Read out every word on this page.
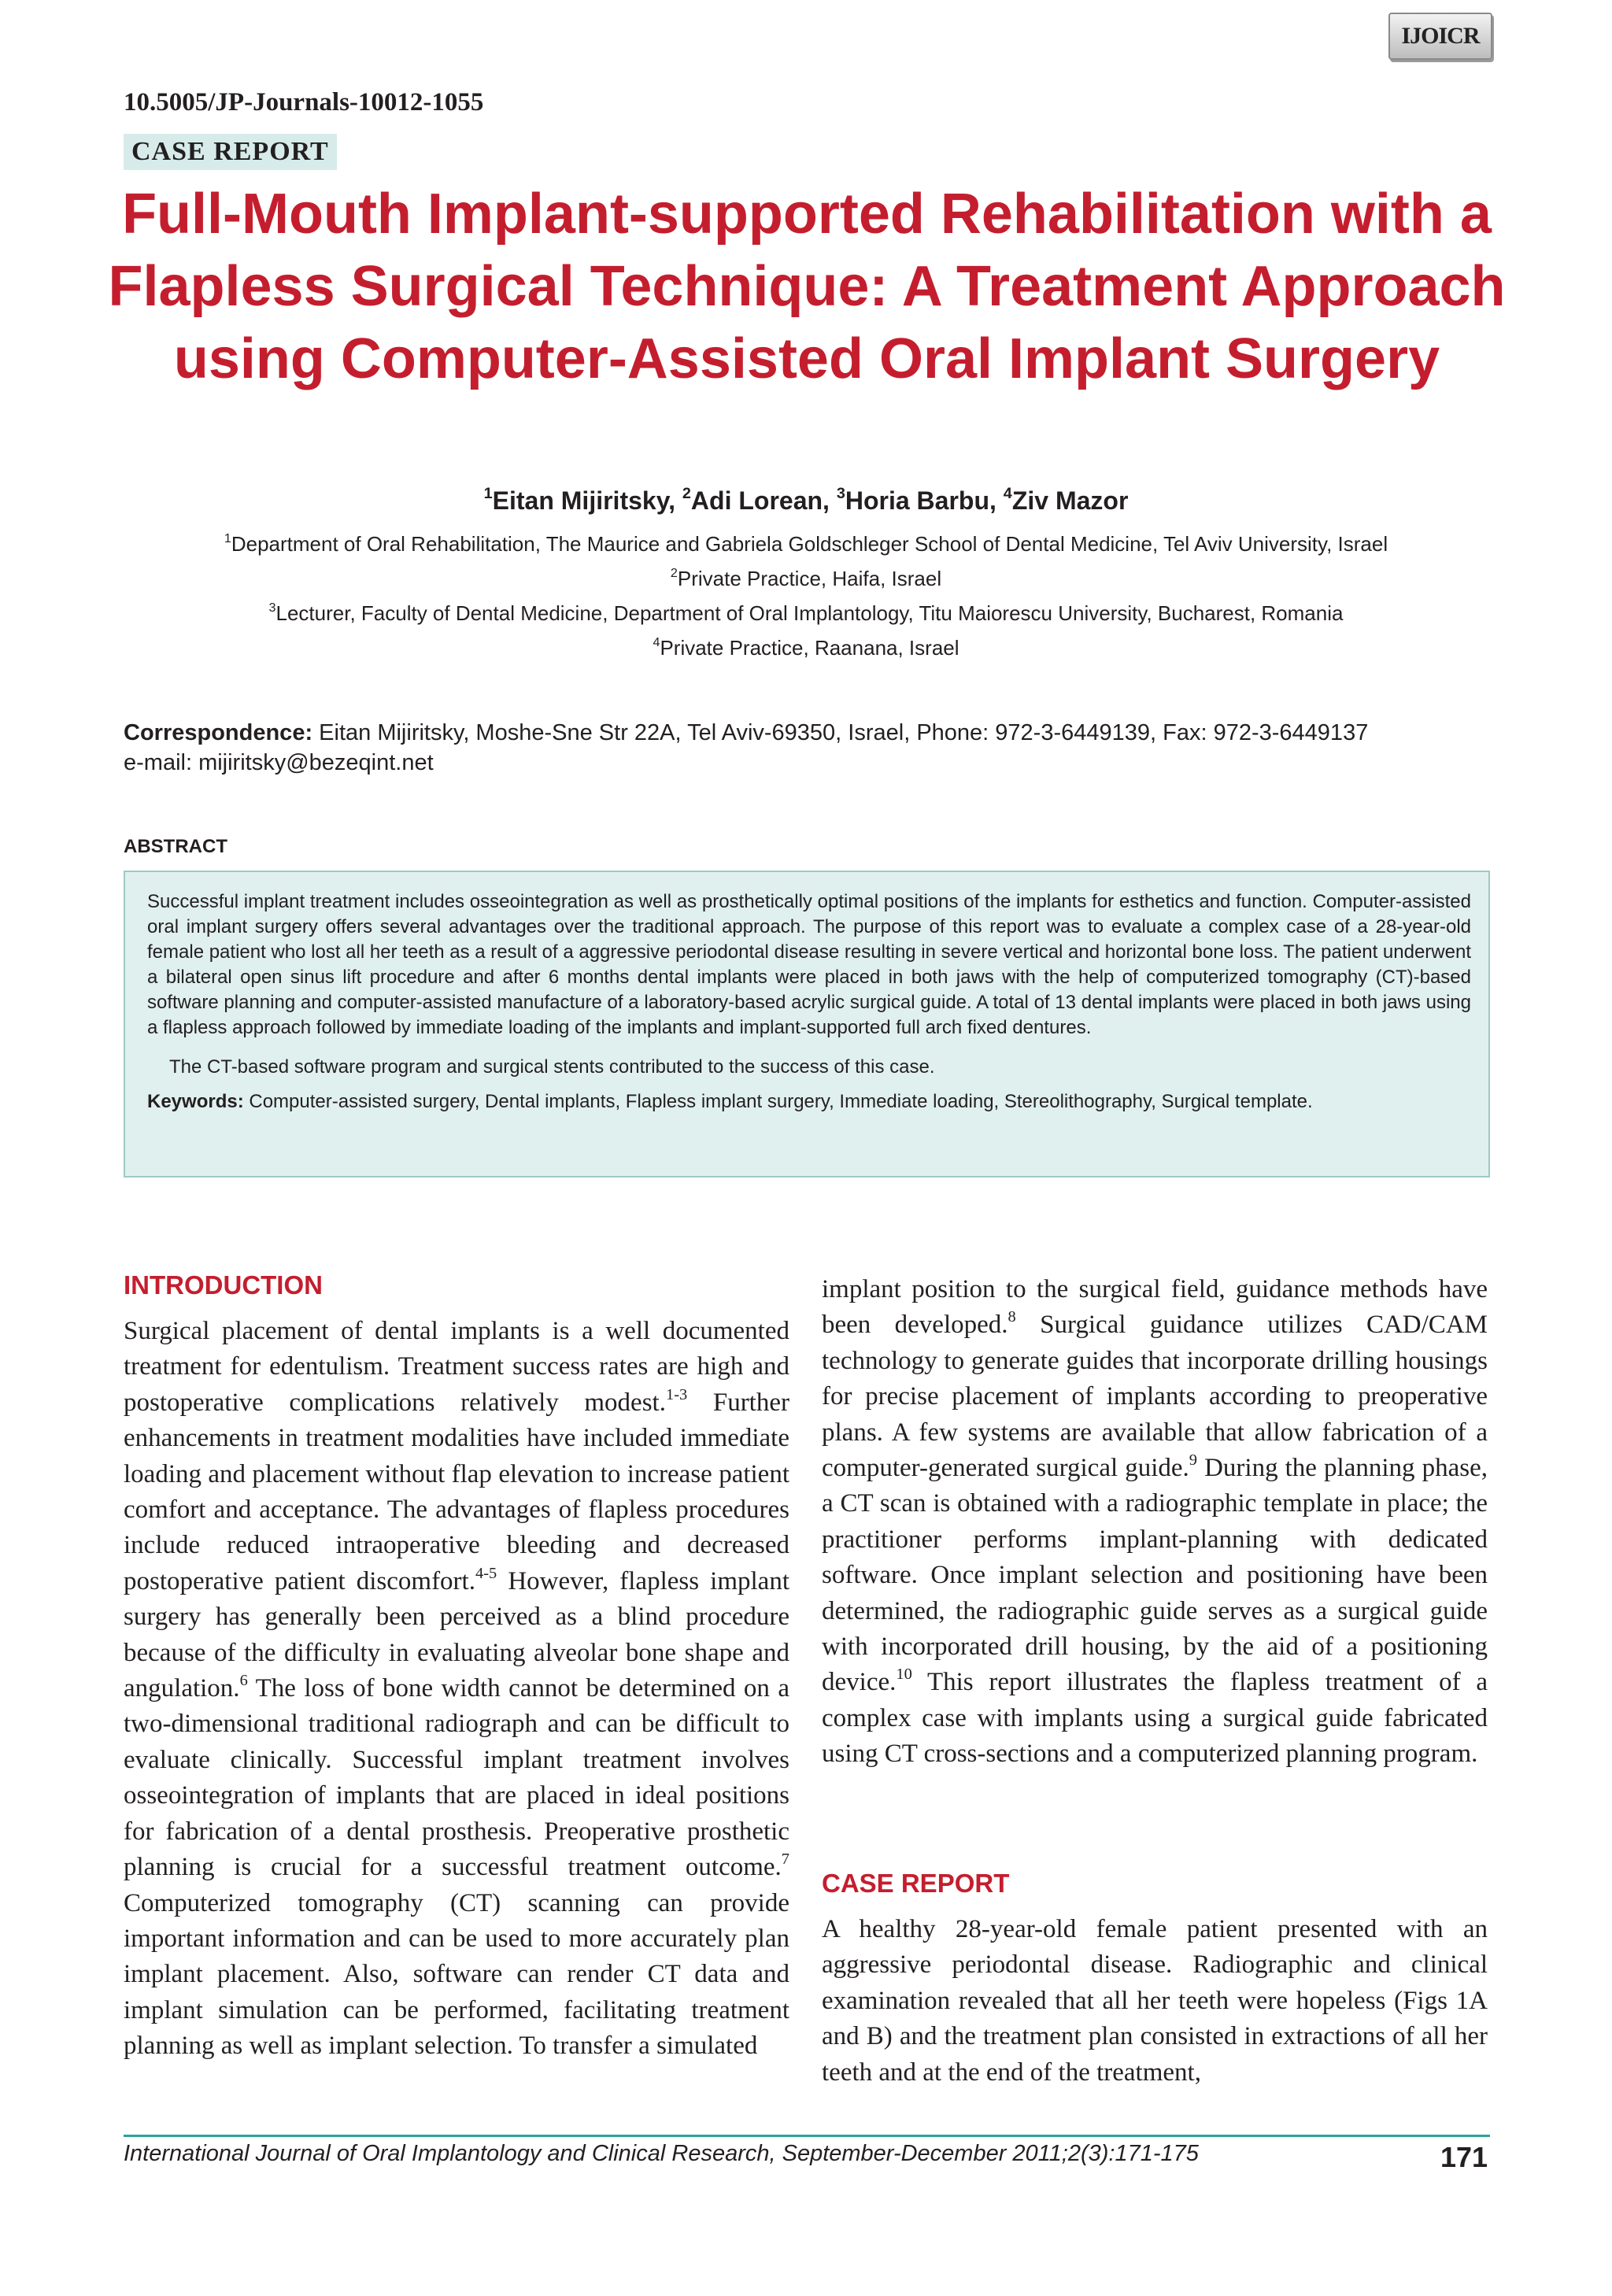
IJOICR
10.5005/JP-Journals-10012-1055
CASE REPORT
Full-Mouth Implant-supported Rehabilitation with a Flapless Surgical Technique: A Treatment Approach using Computer-Assisted Oral Implant Surgery
$^1$Eitan Mijiritsky, $^2$Adi Lorean, $^3$Horia Barbu, $^4$Ziv Mazor
$^1$Department of Oral Rehabilitation, The Maurice and Gabriela Goldschleger School of Dental Medicine, Tel Aviv University, Israel
$^2$Private Practice, Haifa, Israel
$^3$Lecturer, Faculty of Dental Medicine, Department of Oral Implantology, Titu Maiorescu University, Bucharest, Romania
$^4$Private Practice, Raanana, Israel
Correspondence: Eitan Mijiritsky, Moshe-Sne Str 22A, Tel Aviv-69350, Israel, Phone: 972-3-6449139, Fax: 972-3-6449137
e-mail: mijiritsky@bezeqint.net
ABSTRACT

Successful implant treatment includes osseointegration as well as prosthetically optimal positions of the implants for esthetics and function. Computer-assisted oral implant surgery offers several advantages over the traditional approach. The purpose of this report was to evaluate a complex case of a 28-year-old female patient who lost all her teeth as a result of a aggressive periodontal disease resulting in severe vertical and horizontal bone loss. The patient underwent a bilateral open sinus lift procedure and after 6 months dental implants were placed in both jaws with the help of computerized tomography (CT)-based software planning and computer-assisted manufacture of a laboratory-based acrylic surgical guide. A total of 13 dental implants were placed in both jaws using a flapless approach followed by immediate loading of the implants and implant-supported full arch fixed dentures.

The CT-based software program and surgical stents contributed to the success of this case.

Keywords: Computer-assisted surgery, Dental implants, Flapless implant surgery, Immediate loading, Stereolithography, Surgical template.

INTRODUCTION

Surgical placement of dental implants is a well documented treatment for edentulism. Treatment success rates are high and postoperative complications relatively modest.$^{1-3}$ Further enhancements in treatment modalities have included immediate loading and placement without flap elevation to increase patient comfort and acceptance. The advantages of flapless procedures include reduced intraoperative bleeding and decreased postoperative patient discomfort.$^{4-5}$ However, flapless implant surgery has generally been perceived as a blind procedure because of the difficulty in evaluating alveolar bone shape and angulation.$^6$ The loss of bone width cannot be determined on a two-dimensional traditional radiograph and can be difficult to evaluate clinically. Successful implant treatment involves osseointegration of implants that are placed in ideal positions for fabrication of a dental prosthesis. Preoperative prosthetic planning is crucial for a successful treatment outcome.$^7$ Computerized tomography (CT) scanning can provide important information and can be used to more accurately plan implant placement. Also, software can render CT data and implant simulation can be performed, facilitating treatment planning as well as implant selection. To transfer a simulated

CASE REPORT

A healthy 28-year-old female patient presented with an aggressive periodontal disease. Radiographic and clinical examination revealed that all her teeth were hopeless (Figs 1A and B) and the treatment plan consisted in extractions of all her teeth and at the end of the treatment,

International Journal of Oral Implantology and Clinical Research, September-December 2011;2(3):171-175	171

implant position to the surgical field, guidance methods have been developed.$^8$ Surgical guidance utilizes CAD/CAM technology to generate guides that incorporate drilling housings for precise placement of implants according to preoperative plans. A few systems are available that allow fabrication of a computer-generated surgical guide.$^9$ During the planning phase, a CT scan is obtained with a radiographic template in place; the practitioner performs implant-planning with dedicated software. Once implant selection and positioning have been determined, the radiographic guide serves as a surgical guide with incorporated drill housing, by the aid of a positioning device.$^{10}$ This report illustrates the flapless treatment of a complex case with implants using a surgical guide fabricated using CT cross-sections and a computerized planning program.
